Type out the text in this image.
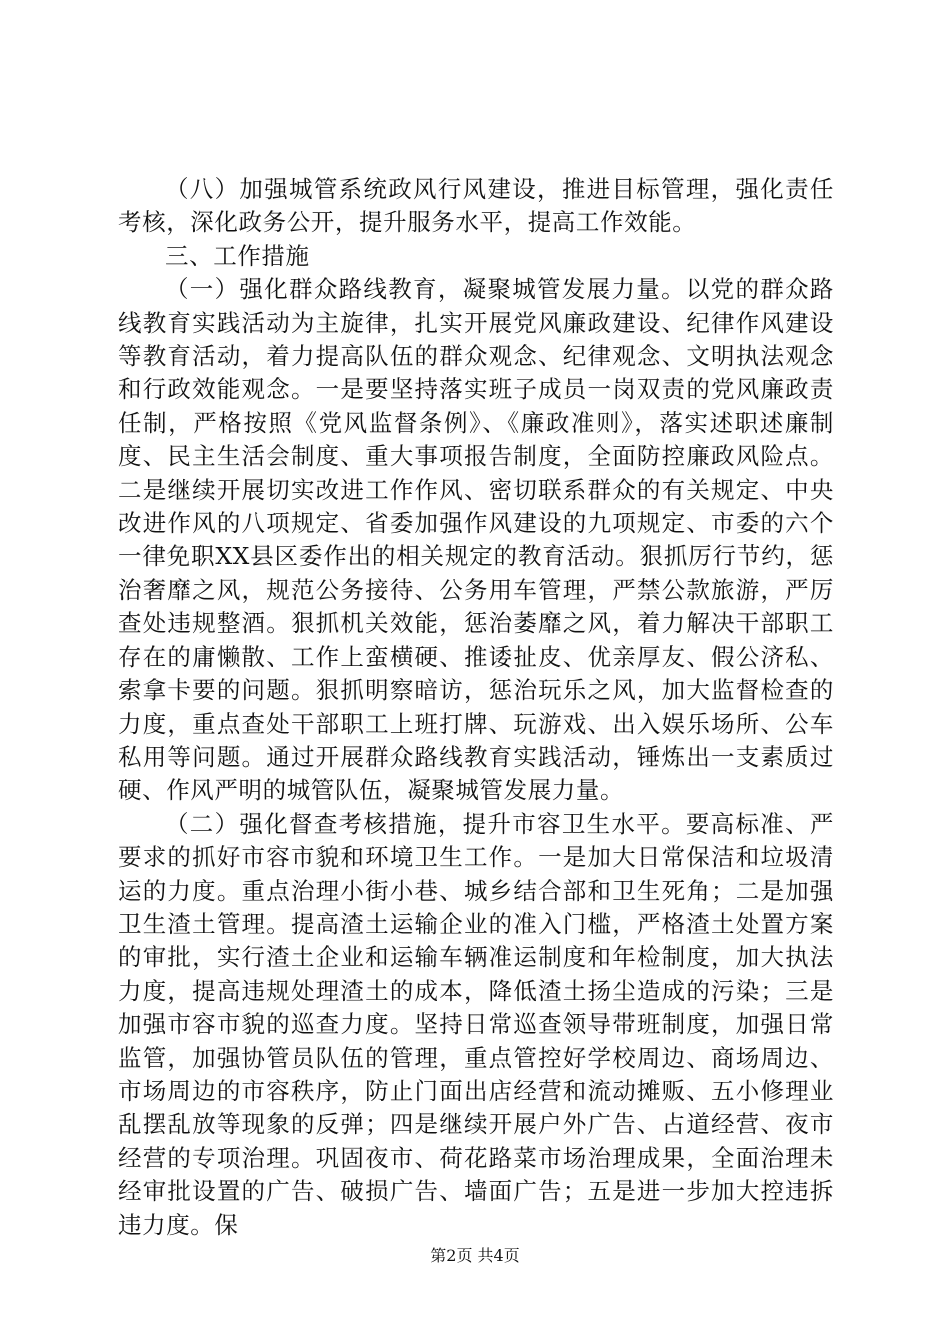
（八）加强城管系统政风行风建设，推进目标管理，强化责任考核，深化政务公开，提升服务水平，提高工作效能。

三、工作措施

（一）强化群众路线教育，凝聚城管发展力量。以党的群众路线教育实践活动为主旋律，扎实开展党风廉政建设、纪律作风建设等教育活动，着力提高队伍的群众观念、纪律观念、文明执法观念和行政效能观念。一是要坚持落实班子成员一岗双责的党风廉政责任制，严格按照《党风监督条例》、《廉政准则》，落实述职述廉制度、民主生活会制度、重大事项报告制度，全面防控廉政风险点。二是继续开展切实改进工作作风、密切联系群众的有关规定、中央改进作风的八项规定、省委加强作风建设的九项规定、市委的六个一律免职XX县区委作出的相关规定的教育活动。狠抓厉行节约，惩治奢靡之风，规范公务接待、公务用车管理，严禁公款旅游，严厉查处违规整酒。狠抓机关效能，惩治萎靡之风，着力解决干部职工存在的庸懒散、工作上蛮横硬、推诿扯皮、优亲厚友、假公济私、索拿卡要的问题。狠抓明察暗访，惩治玩乐之风，加大监督检查的力度，重点查处干部职工上班打牌、玩游戏、出入娱乐场所、公车私用等问题。通过开展群众路线教育实践活动，锤炼出一支素质过硬、作风严明的城管队伍，凝聚城管发展力量。

（二）强化督查考核措施，提升市容卫生水平。要高标准、严要求的抓好市容市貌和环境卫生工作。一是加大日常保洁和垃圾清运的力度。重点治理小街小巷、城乡结合部和卫生死角；二是加强卫生渣土管理。提高渣土运输企业的准入门槛，严格渣土处置方案的审批，实行渣土企业和运输车辆准运制度和年检制度，加大执法力度，提高违规处理渣土的成本，降低渣土扬尘造成的污染；三是加强市容市貌的巡查力度。坚持日常巡查领导带班制度，加强日常监管，加强协管员队伍的管理，重点管控好学校周边、商场周边、市场周边的市容秩序，防止门面出店经营和流动摊贩、五小修理业乱摆乱放等现象的反弹；四是继续开展户外广告、占道经营、夜市经营的专项治理。巩固夜市、荷花路菜市场治理成果，全面治理未经审批设置的广告、破损广告、墙面广告；五是进一步加大控违拆违力度。保

第2页 共4页
